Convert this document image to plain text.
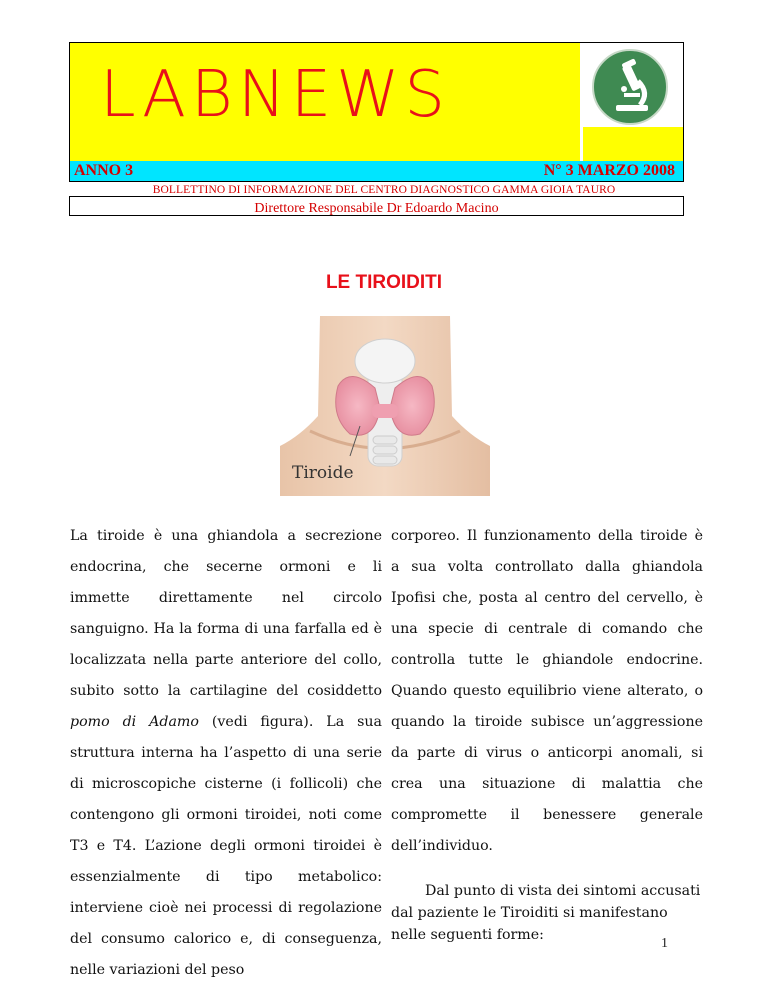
LABNEWS
ANNO 3	N° 3 MARZO 2008
BOLLETTINO DI INFORMAZIONE DEL CENTRO DIAGNOSTICO GAMMA GIOIA TAURO
Direttore Responsabile Dr Edoardo Macino
LE TIROIDITI
Tiroide

La tiroide è una ghiandola a secrezione endocrina, che secerne ormoni e li immette direttamente nel circolo sanguigno. Ha la forma di una farfalla ed è localizzata nella parte anteriore del collo, subito sotto la cartilagine del cosiddetto pomo di Adamo (vedi figura). La sua struttura interna ha l’aspetto di una serie di microscopiche cisterne (i follicoli) che contengono gli ormoni tiroidei, noti come T3 e T4. L’azione degli ormoni tiroidei è essenzialmente di tipo metabolico: interviene cioè nei processi di regolazione del consumo calorico e, di conseguenza, nelle variazioni del peso

corporeo. Il funzionamento della tiroide è a sua volta controllato dalla ghiandola Ipofisi che, posta al centro del cervello, è una specie di centrale di comando che controlla tutte le ghiandole endocrine. Quando questo equilibrio viene alterato, o quando la tiroide subisce un’aggressione da parte di virus o anticorpi anomali, si crea una situazione di malattia che compromette il benessere generale dell’individuo.

Dal punto di vista dei sintomi accusati dal paziente le Tiroiditi si manifestano nelle seguenti forme:

1
